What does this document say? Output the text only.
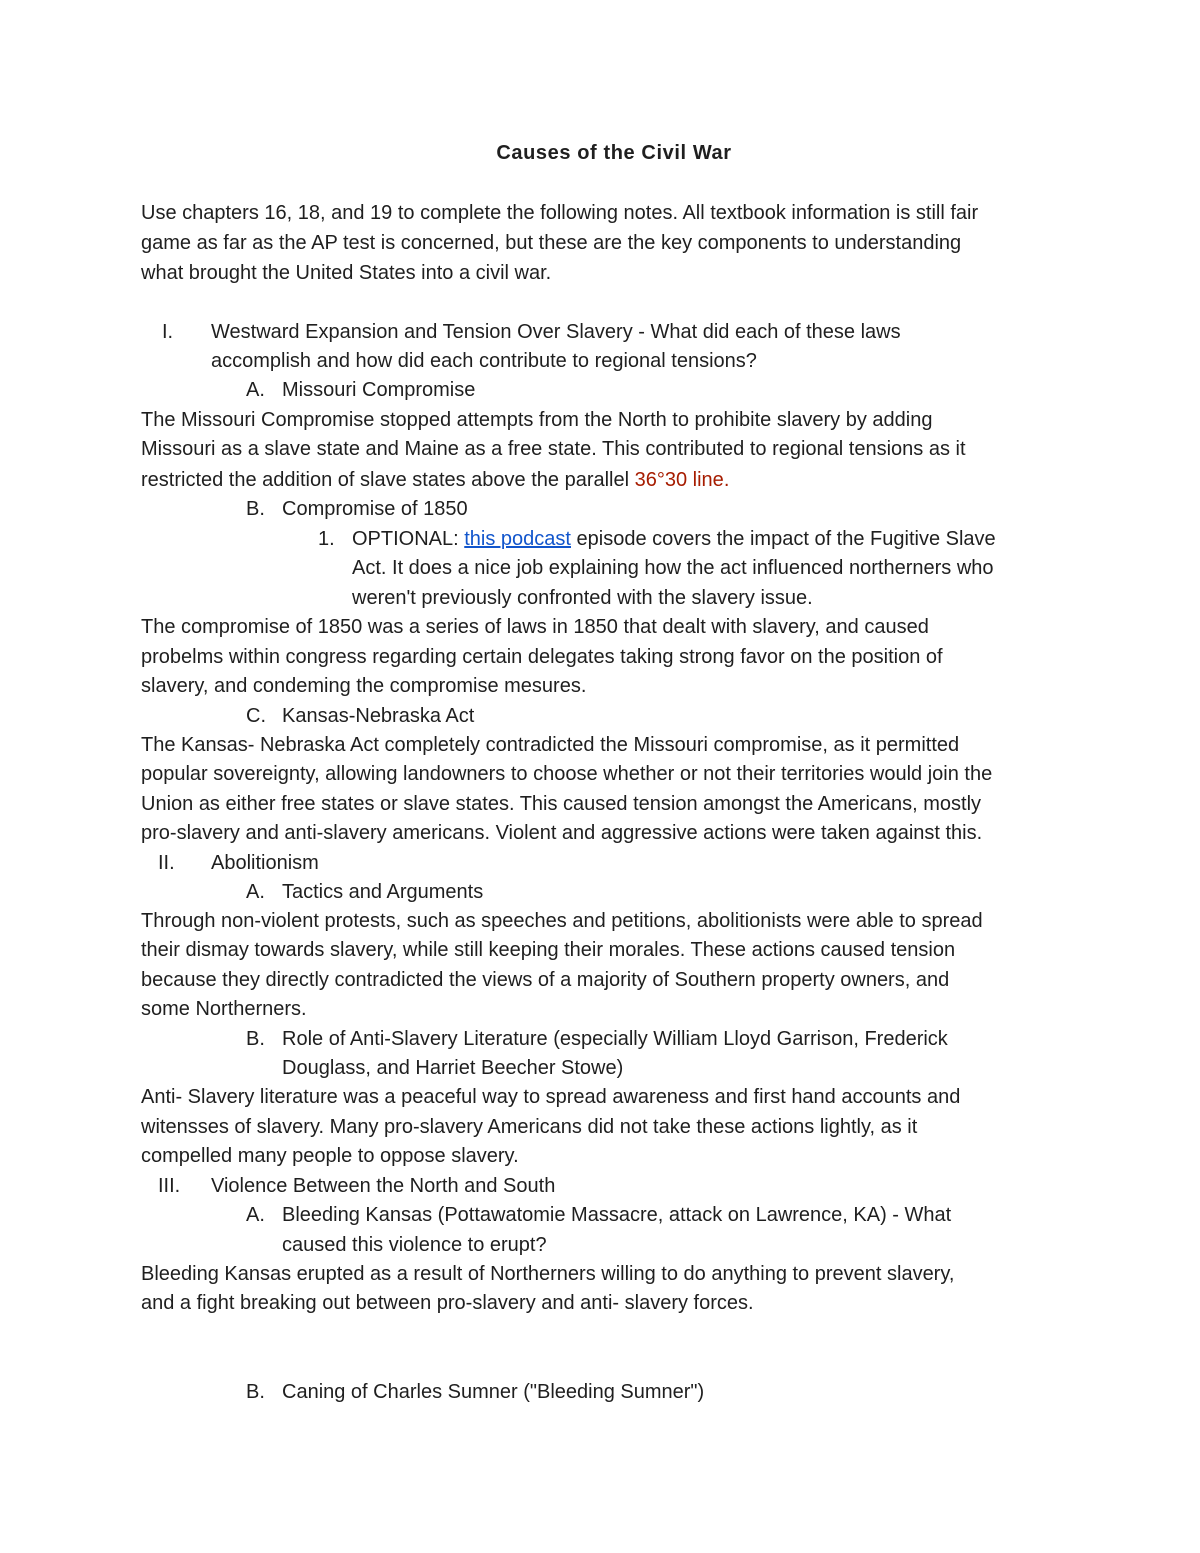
Causes of the Civil War
Use chapters 16, 18, and 19 to complete the following notes. All textbook information is still fair
game as far as the AP test is concerned, but these are the key components to understanding
what brought the United States into a civil war.
I. Westward Expansion and Tension Over Slavery - What did each of these laws
accomplish and how did each contribute to regional tensions?
A. Missouri Compromise
The Missouri Compromise stopped attempts from the North to prohibite slavery by adding
Missouri as a slave state and Maine as a free state. This contributed to regional tensions as it
restricted the addition of slave states above the parallel 36°30 line.
B. Compromise of 1850
1. OPTIONAL: this podcast episode covers the impact of the Fugitive Slave
Act. It does a nice job explaining how the act influenced northerners who
weren't previously confronted with the slavery issue.
The compromise of 1850 was a series of laws in 1850 that dealt with slavery, and caused
probelms within congress regarding certain delegates taking strong favor on the position of
slavery, and condeming the compromise mesures.
C. Kansas-Nebraska Act
The Kansas- Nebraska Act completely contradicted the Missouri compromise, as it permitted
popular sovereignty, allowing landowners to choose whether or not their territories would join the
Union as either free states or slave states. This caused tension amongst the Americans, mostly
pro-slavery and anti-slavery americans. Violent and aggressive actions were taken against this.
II. Abolitionism
A. Tactics and Arguments
Through non-violent protests, such as speeches and petitions, abolitionists were able to spread
their dismay towards slavery, while still keeping their morales. These actions caused tension
because they directly contradicted the views of a majority of Southern property owners, and
some Northerners.
B. Role of Anti-Slavery Literature (especially William Lloyd Garrison, Frederick
Douglass, and Harriet Beecher Stowe)
Anti- Slavery literature was a peaceful way to spread awareness and first hand accounts and
witensses of slavery. Many pro-slavery Americans did not take these actions lightly, as it
compelled many people to oppose slavery.
III. Violence Between the North and South
A. Bleeding Kansas (Pottawatomie Massacre, attack on Lawrence, KA) - What
caused this violence to erupt?
Bleeding Kansas erupted as a result of Northerners willing to do anything to prevent slavery,
and a fight breaking out between pro-slavery and anti- slavery forces.
B. Caning of Charles Sumner ("Bleeding Sumner")
